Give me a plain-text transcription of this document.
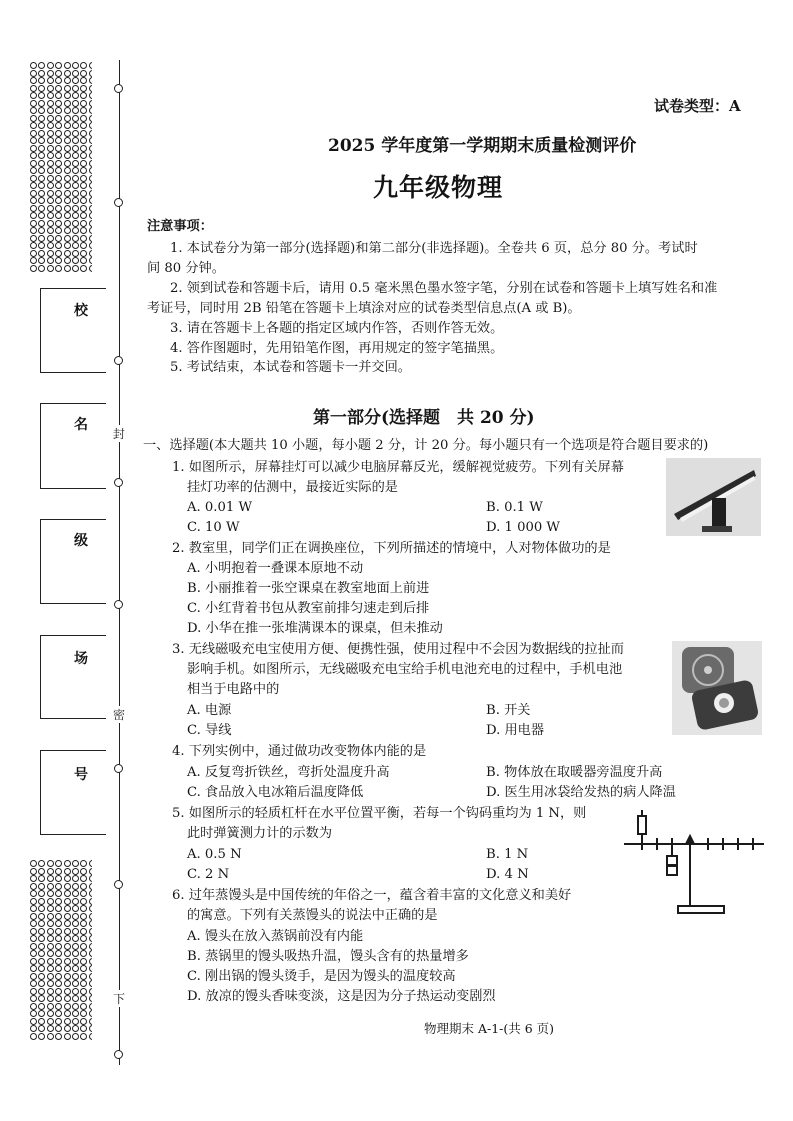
封
密
下
校
名
级
场
号
试卷类型：A
2025 学年度第一学期期末质量检测评价
九年级物理
注意事项：
1. 本试卷分为第一部分(选择题)和第二部分(非选择题)。全卷共 6 页，总分 80 分。考试时
间 80 分钟。
2. 领到试卷和答题卡后，请用 0.5 毫米黑色墨水签字笔，分别在试卷和答题卡上填写姓名和准
考证号，同时用 2B 铅笔在答题卡上填涂对应的试卷类型信息点(A 或 B)。
3. 请在答题卡上各题的指定区域内作答，否则作答无效。
4. 答作图题时，先用铅笔作图，再用规定的签字笔描黑。
5. 考试结束，本试卷和答题卡一并交回。
第一部分(选择题　共 20 分)
一、选择题(本大题共 10 小题，每小题 2 分，计 20 分。每小题只有一个选项是符合题目要求的)
1. 如图所示，屏幕挂灯可以减少电脑屏幕反光，缓解视觉疲劳。下列有关屏幕
挂灯功率的估测中，最接近实际的是
A. 0.01 W	B. 0.1 W
C. 10 W	D. 1 000 W
2. 教室里，同学们正在调换座位，下列所描述的情境中，人对物体做功的是
A. 小明抱着一叠课本原地不动
B. 小丽推着一张空课桌在教室地面上前进
C. 小红背着书包从教室前排匀速走到后排
D. 小华在推一张堆满课本的课桌，但未推动
3. 无线磁吸充电宝使用方便、便携性强，使用过程中不会因为数据线的拉扯而
影响手机。如图所示，无线磁吸充电宝给手机电池充电的过程中，手机电池
相当于电路中的
A. 电源	B. 开关
C. 导线	D. 用电器
4. 下列实例中，通过做功改变物体内能的是
A. 反复弯折铁丝，弯折处温度升高	B. 物体放在取暖器旁温度升高
C. 食品放入电冰箱后温度降低	D. 医生用冰袋给发热的病人降温
5. 如图所示的轻质杠杆在水平位置平衡，若每一个钩码重均为 1 N，则
此时弹簧测力计的示数为
A. 0.5 N	B. 1 N
C. 2 N	D. 4 N
6. 过年蒸馒头是中国传统的年俗之一，蕴含着丰富的文化意义和美好
的寓意。下列有关蒸馒头的说法中正确的是
A. 馒头在放入蒸锅前没有内能
B. 蒸锅里的馒头吸热升温，馒头含有的热量增多
C. 刚出锅的馒头烫手，是因为馒头的温度较高
D. 放凉的馒头香味变淡，这是因为分子热运动变剧烈
物理期末 A-1-(共 6 页)
